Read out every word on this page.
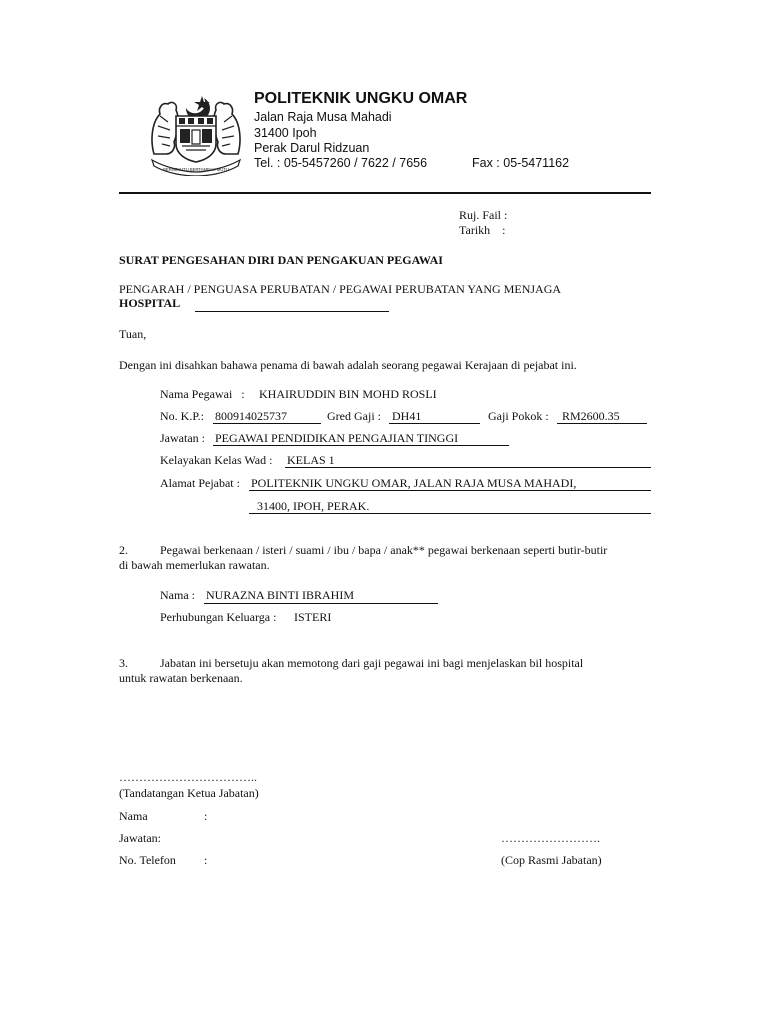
BERSEKUTU BERTAMBAH MUTU
POLITEKNIK UNGKU OMAR
Jalan Raja Musa Mahadi
31400 Ipoh
Perak Darul Ridzuan
Tel. : 05-5457260 / 7622 / 7656	Fax : 05-5471162
Ruj. Fail :
Tarikh    :
SURAT PENGESAHAN DIRI DAN PENGAKUAN PEGAWAI
PENGARAH / PENGUASA PERUBATAN / PEGAWAI PERUBATAN YANG MENJAGA
HOSPITAL
Tuan,
Dengan ini disahkan bahawa penama di bawah adalah seorang pegawai Kerajaan di pejabat ini.
Nama Pegawai   : KHAIRUDDIN BIN MOHD ROSLI
No. K.P.: 800914025737	Gred Gaji : DH41	Gaji Pokok : RM2600.35
Jawatan : PEGAWAI PENDIDIKAN PENGAJIAN TINGGI
Kelayakan Kelas Wad : KELAS 1
Alamat Pejabat : POLITEKNIK UNGKU OMAR, JALAN RAJA MUSA MAHADI,
31400, IPOH, PERAK.
2.	Pegawai berkenaan / isteri / suami / ibu / bapa / anak** pegawai berkenaan seperti butir-butir
di bawah memerlukan rawatan.
Nama : NURAZNA BINTI IBRAHIM
Perhubungan Keluarga : ISTERI
3.	Jabatan ini bersetuju akan memotong dari gaji pegawai ini bagi menjelaskan bil hospital
untuk rawatan berkenaan.
……………………………..
(Tandatangan Ketua Jabatan)
Nama	:
Jawatan:	…………………….
No. Telefon :	(Cop Rasmi Jabatan)
